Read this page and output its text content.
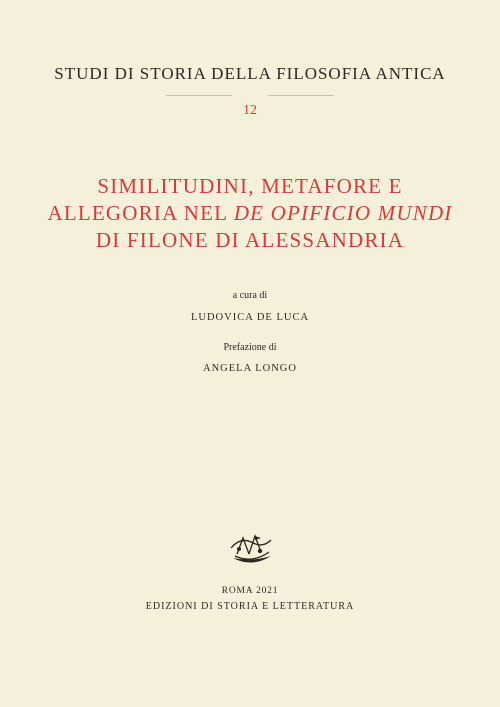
STUDI DI STORIA DELLA FILOSOFIA ANTICA
12
SIMILITUDINI, METAFORE E
ALLEGORIA NEL DE OPIFICIO MUNDI
DI FILONE DI ALESSANDRIA
a cura di
LUDOVICA DE LUCA
Prefazione di
ANGELA LONGO
ROMA 2021
EDIZIONI DI STORIA E LETTERATURA
